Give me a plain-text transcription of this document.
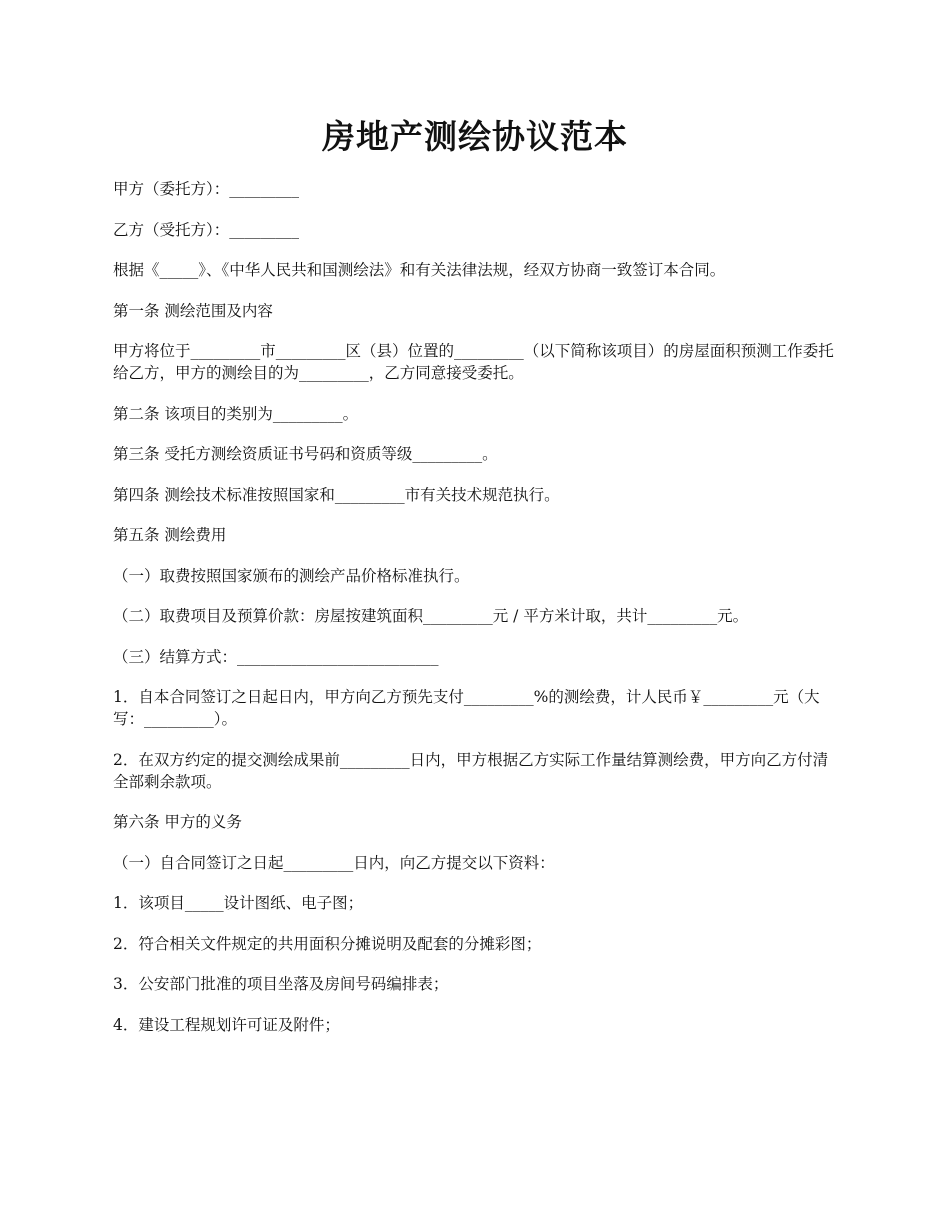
房地产测绘协议范本

甲方（委托方）：_________

乙方（受托方）：_________

根据《_____》、《中华人民共和国测绘法》和有关法律法规，经双方协商一致签订本合同。

第一条 测绘范围及内容

甲方将位于_________市_________区（县）位置的_________（以下简称该项目）的房屋面积预测工作委托给乙方，甲方的测绘目的为_________，乙方同意接受委托。

第二条 该项目的类别为_________。

第三条 受托方测绘资质证书号码和资质等级_________。

第四条 测绘技术标准按照国家和_________市有关技术规范执行。

第五条 测绘费用

（一）取费按照国家颁布的测绘产品价格标准执行。

（二）取费项目及预算价款：房屋按建筑面积_________元 / 平方米计取，共计_________元。

（三）结算方式：__________________________

1．自本合同签订之日起日内，甲方向乙方预先支付_________%的测绘费，计人民币￥_________元（大写：_________）。

2．在双方约定的提交测绘成果前_________日内，甲方根据乙方实际工作量结算测绘费，甲方向乙方付清全部剩余款项。

第六条 甲方的义务

（一）自合同签订之日起_________日内，向乙方提交以下资料：

1．该项目_____设计图纸、电子图；

2．符合相关文件规定的共用面积分摊说明及配套的分摊彩图；

3．公安部门批准的项目坐落及房间号码编排表；

4．建设工程规划许可证及附件；
